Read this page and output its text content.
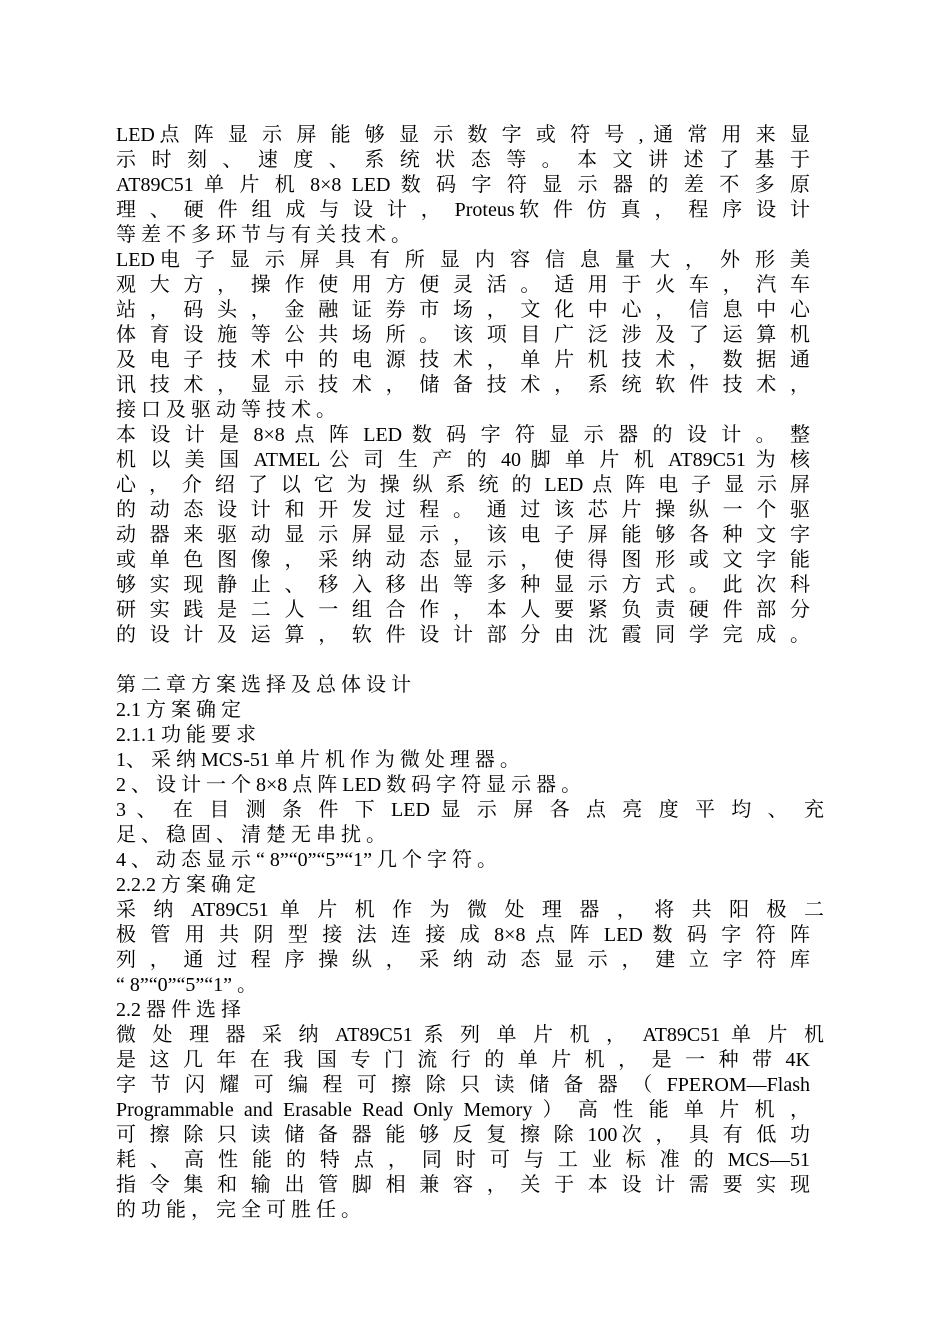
LED点 阵 显 示 屏 能 够 显 示 数 字 或 符 号 , 通 常 用 来 显
示 时 刻 、 速 度 、 系 统 状 态 等 。 本 文 讲 述 了 基 于
AT89C51 单 片 机 8×8 LED 数 码 字 符 显 示 器 的 差 不 多 原
理 、 硬 件 组 成 与 设 计 ， Proteus软 件 仿 真 ， 程 序 设 计
等 差 不 多 环 节 与 有 关 技 术 。
LED电 子 显 示 屏 具 有 所 显 内 容 信 息 量 大 ， 外 形 美
观 大 方 ， 操 作 使 用 方 便 灵 活 。 适 用 于 火 车 ， 汽 车
站 ， 码 头 ， 金 融 证 券 市 场 ， 文 化 中 心 ， 信 息 中 心
体 育 设 施 等 公 共 场 所 。 该 项 目 广 泛 涉 及 了 运 算 机
及 电 子 技 术 中 的 电 源 技 术 ， 单 片 机 技 术 ， 数 据 通
讯 技 术 ， 显 示 技 术 ， 储 备 技 术 ， 系 统 软 件 技 术 ，
接 口 及 驱 动 等 技 术 。
本 设 计 是 8×8 点 阵 LED 数 码 字 符 显 示 器 的 设 计 。 整
机 以 美 国 ATMEL 公 司 生 产 的 40 脚 单 片 机 AT89C51 为 核
心 ， 介 绍 了 以 它 为 操 纵 系 统 的 LED 点 阵 电 子 显 示 屏
的 动 态 设 计 和 开 发 过 程 。 通 过 该 芯 片 操 纵 一 个 驱
动 器 来 驱 动 显 示 屏 显 示 ， 该 电 子 屏 能 够 各 种 文 字
或 单 色 图 像 ， 采 纳 动 态 显 示 ， 使 得 图 形 或 文 字 能
够 实 现 静 止 、 移 入 移 出 等 多 种 显 示 方 式 。 此 次 科
研 实 践 是 二 人 一 组 合 作 ， 本 人 要 紧 负 责 硬 件 部 分
的 设 计 及 运 算 ， 软 件 设 计 部 分 由 沈 霞 同 学 完 成 。
第 二 章 方 案 选 择 及 总 体 设 计
2.1 方 案 确 定
2.1.1 功 能 要 求
1、 采 纳 MCS-51 单 片 机 作 为 微 处 理 器 。
2 、 设 计 一 个 8×8 点 阵 LED 数 码 字 符 显 示 器 。
3 、 在 目 测 条 件 下 LED 显 示 屏 各 点 亮 度 平 均 、 充
足 、 稳 固 、 清 楚 无 串 扰 。
4 、 动 态 显 示 “ 8”“0”“5”“1” 几 个 字 符 。
2.2.2 方 案 确 定
采 纳 AT89C51 单 片 机 作 为 微 处 理 器 ， 将 共 阳 极 二
极 管 用 共 阴 型 接 法 连 接 成 8×8 点 阵 LED 数 码 字 符 阵
列 ， 通 过 程 序 操 纵 ， 采 纳 动 态 显 示 ， 建 立 字 符 库
“ 8”“0”“5”“1” 。
2.2 器 件 选 择
微 处 理 器 采 纳 AT89C51 系 列 单 片 机 ， AT89C51 单 片 机
是 这 几 年 在 我 国 专 门 流 行 的 单 片 机 ， 是 一 种 带 4K
字 节 闪 耀 可 编 程 可 擦 除 只 读 储 备 器 （ FPEROM—Flash
Programmable and Erasable Read Only Memory ） 高 性 能 单 片 机 ，
可 擦 除 只 读 储 备 器 能 够 反 复 擦 除 100次 ， 具 有 低 功
耗 、 高 性 能 的 特 点 ， 同 时 可 与 工 业 标 准 的 MCS—51
指 令 集 和 输 出 管 脚 相 兼 容 ， 关 于 本 设 计 需 要 实 现
的 功 能 ， 完 全 可 胜 任 。
